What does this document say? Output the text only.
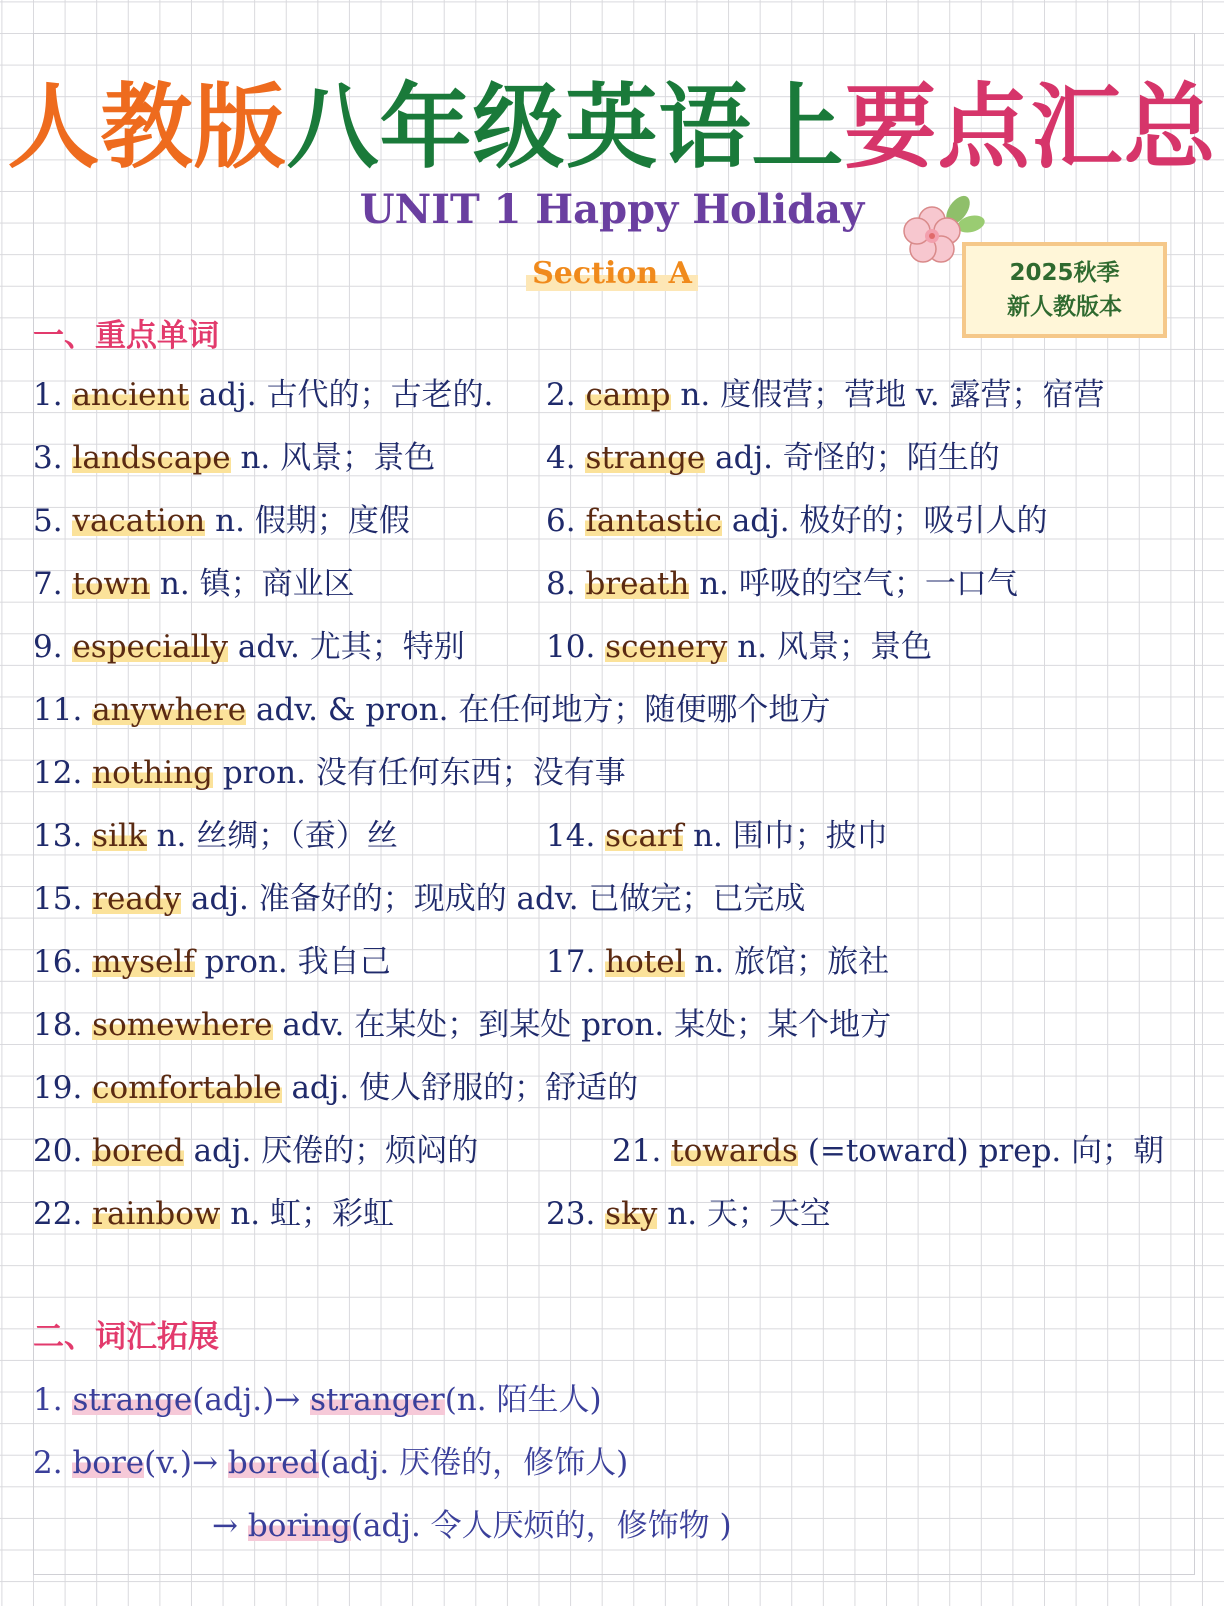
人教版八年级英语上要点汇总
UNIT 1 Happy Holiday
Section A	2025秋季
新人教版本
一、重点单词
1. ancient adj. 古代的；古老的. 2. camp n. 度假营；营地 v. 露营；宿营
3. landscape n. 风景；景色	4. strange adj. 奇怪的；陌生的
5. vacation n. 假期；度假	6. fantastic adj. 极好的；吸引人的
7. town n. 镇；商业区	8. breath n. 呼吸的空气；一口气
9. especially adv. 尤其；特别	10. scenery n. 风景；景色
11. anywhere adv. & pron. 在任何地方；随便哪个地方
12. nothing pron. 没有任何东西；没有事
13. silk n. 丝绸；（蚕）丝	14. scarf n. 围巾；披巾
15. ready adj. 准备好的；现成的 adv. 已做完；已完成
16. myself pron. 我自己	17. hotel n. 旅馆；旅社
18. somewhere adv. 在某处；到某处 pron. 某处；某个地方
19. comfortable adj. 使人舒服的；舒适的
20. bored adj. 厌倦的；烦闷的	21. towards (=toward) prep. 向；朝
22. rainbow n. 虹；彩虹	23. sky n. 天；天空
二、词汇拓展
1. strange(adj.)→ stranger(n. 陌生人)
2. bore(v.)→ bored(adj. 厌倦的，修饰人)
→ boring(adj. 令人厌烦的，修饰物 )
